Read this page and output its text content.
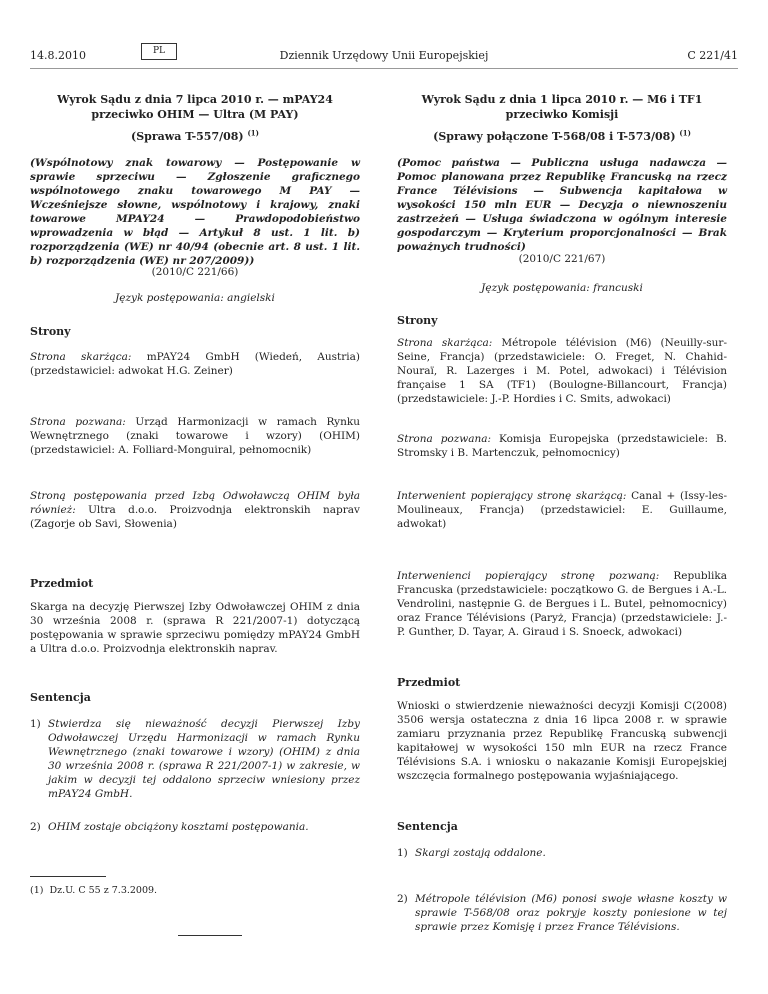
14.8.2010	PL	Dziennik Urzędowy Unii Europejskiej	C 221/41
Wyrok Sądu z dnia 7 lipca 2010 r. — mPAY24 przeciwko OHIM — Ultra (M PAY)
(Sprawa T-557/08) $^{(1)}$
(Wspólnotowy znak towarowy — Postępowanie w sprawie sprzeciwu — Zgłoszenie graficznego wspólnotowego znaku towarowego M PAY — Wcześniejsze słowne, wspólnotowy i krajowy, znaki towarowe MPAY24 — Prawdopodobieństwo wprowadzenia w błąd — Artykuł 8 ust. 1 lit. b) rozporządzenia (WE) nr 40/94 (obecnie art. 8 ust. 1 lit. b) rozporządzenia (WE) nr 207/2009))
(2010/C 221/66)
Język postępowania: angielski
Strony
Strona skarżąca: mPAY24 GmbH (Wiedeń, Austria) (przedstawiciel: adwokat H.G. Zeiner)
Strona pozwana: Urząd Harmonizacji w ramach Rynku Wewnętrznego (znaki towarowe i wzory) (OHIM) (przedstawiciel: A. Folliard-Monguiral, pełnomocnik)
Stroną postępowania przed Izbą Odwoławczą OHIM była również: Ultra d.o.o. Proizvodnja elektronskih naprav (Zagorje ob Savi, Słowenia)
Przedmiot
Skarga na decyzję Pierwszej Izby Odwoławczej OHIM z dnia 30 września 2008 r. (sprawa R 221/2007-1) dotyczącą postępowania w sprawie sprzeciwu pomiędzy mPAY24 GmbH a Ultra d.o.o. Proizvodnja elektronskih naprav.
Sentencja
1) Stwierdza się nieważność decyzji Pierwszej Izby Odwoławczej Urzędu Harmonizacji w ramach Rynku Wewnętrznego (znaki towarowe i wzory) (OHIM) z dnia 30 września 2008 r. (sprawa R 221/2007-1) w zakresie, w jakim w decyzji tej oddalono sprzeciw wniesiony przez mPAY24 GmbH.
2) OHIM zostaje obciążony kosztami postępowania.
(1) Dz.U. C 55 z 7.3.2009.
Wyrok Sądu z dnia 1 lipca 2010 r. — M6 i TF1 przeciwko Komisji
(Sprawy połączone T-568/08 i T-573/08) $^{(1)}$
(Pomoc państwa — Publiczna usługa nadawcza — Pomoc planowana przez Republikę Francuską na rzecz France Télévisions — Subwencja kapitałowa w wysokości 150 mln EUR — Decyzja o niewnoszeniu zastrzeżeń — Usługa świadczona w ogólnym interesie gospodarczym — Kryterium proporcjonalności — Brak poważnych trudności)
(2010/C 221/67)
Język postępowania: francuski
Strony
Strona skarżąca: Métropole télévision (M6) (Neuilly-sur-Seine, Francja) (przedstawiciele: O. Freget, N. Chahid-Nouraï, R. Lazerges i M. Potel, adwokaci) i Télévision française 1 SA (TF1) (Boulogne-Billancourt, Francja) (przedstawiciele: J.-P. Hordies i C. Smits, adwokaci)
Strona pozwana: Komisja Europejska (przedstawiciele: B. Stromsky i B. Martenczuk, pełnomocnicy)
Interwenient popierający stronę skarżącą: Canal + (Issy-les-Moulineaux, Francja) (przedstawiciel: E. Guillaume, adwokat)
Interwenienci popierający stronę pozwaną: Republika Francuska (przedstawiciele: początkowo G. de Bergues i A.-L. Vendrolini, następnie G. de Bergues i L. Butel, pełnomocnicy) oraz France Télévisions (Paryż, Francja) (przedstawiciele: J.-P. Gunther, D. Tayar, A. Giraud i S. Snoeck, adwokaci)
Przedmiot
Wnioski o stwierdzenie nieważności decyzji Komisji C(2008) 3506 wersja ostateczna z dnia 16 lipca 2008 r. w sprawie zamiaru przyznania przez Republikę Francuską subwencji kapitałowej w wysokości 150 mln EUR na rzecz France Télévisions S.A. i wniosku o nakazanie Komisji Europejskiej wszczęcia formalnego postępowania wyjaśniającego.
Sentencja
1) Skargi zostają oddalone.
2) Métropole télévision (M6) ponosi swoje własne koszty w sprawie T-568/08 oraz pokryje koszty poniesione w tej sprawie przez Komisję i przez France Télévisions.
